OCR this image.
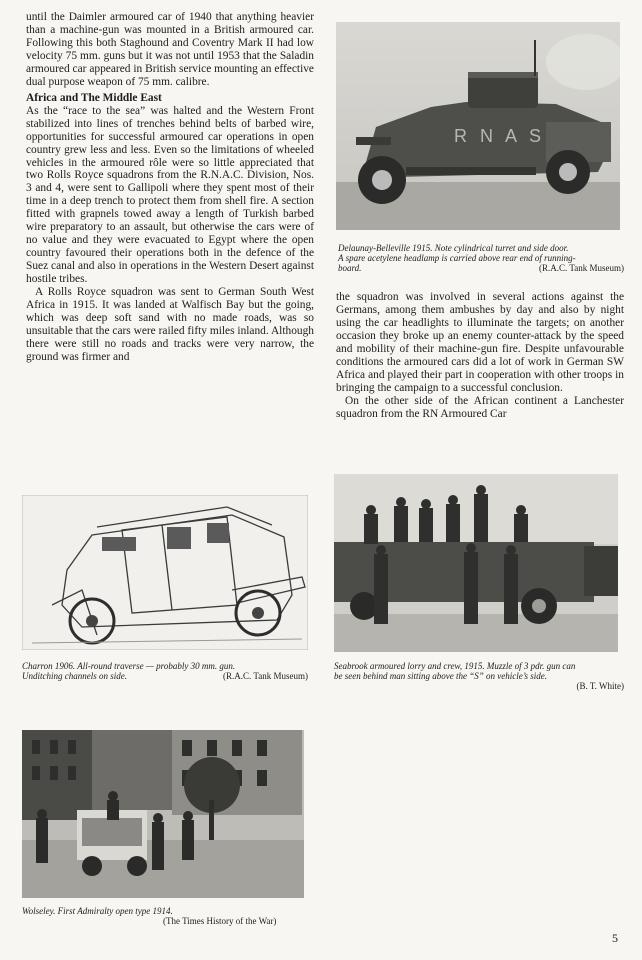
until the Daimler armoured car of 1940 that anything heavier than a machine-gun was mounted in a British armoured car. Following this both Staghound and Coventry Mark II had low velocity 75 mm. guns but it was not until 1953 that the Saladin armoured car appeared in British service mounting an effective dual purpose weapon of 75 mm. calibre.

Africa and The Middle East

As the “race to the sea” was halted and the Western Front stabilized into lines of trenches behind belts of barbed wire, opportunities for successful armoured car operations in open country grew less and less. Even so the limitations of wheeled vehicles in the armoured rôle were so little appreciated that two Rolls Royce squadrons from the R.N.A.C. Division, Nos. 3 and 4, were sent to Gallipoli where they spent most of their time in a deep trench to protect them from shell fire. A section fitted with grapnels towed away a length of Turkish barbed wire preparatory to an assault, but otherwise the cars were of no value and they were evacuated to Egypt where the open country favoured their operations both in the defence of the Suez canal and also in operations in the Western Desert against hostile tribes.

A Rolls Royce squadron was sent to German South West Africa in 1915. It was landed at Walfisch Bay but the going, which was deep soft sand with no made roads, was so unsuitable that the cars were railed fifty miles inland. Although there were still no roads and tracks were very narrow, the ground was firmer and

the squadron was involved in several actions against the Germans, among them ambushes by day and also by night using the car headlights to illuminate the targets; on another occasion they broke up an enemy counter-attack by the speed and mobility of their machine-gun fire. Despite unfavourable conditions the armoured cars did a lot of work in German SW Africa and played their part in cooperation with other troops in bringing the campaign to a successful conclusion.

On the other side of the African continent a Lanchester squadron from the RN Armoured Car

R N A S
Delaunay-Belleville 1915. Note cylindrical turret and side door.
A spare acetylene headlamp is carried above rear end of running-
board.	(R.A.C. Tank Museum)
Charron 1906. All-round traverse — probably 30 mm. gun.
Unditching channels on side.	(R.A.C. Tank Museum)
Seabrook armoured lorry and crew, 1915. Muzzle of 3 pdr. gun can
be seen behind man sitting above the “S” on vehicle’s side.
(B. T. White)
Wolseley. First Admiralty open type 1914.
(The Times History of the War)
5
